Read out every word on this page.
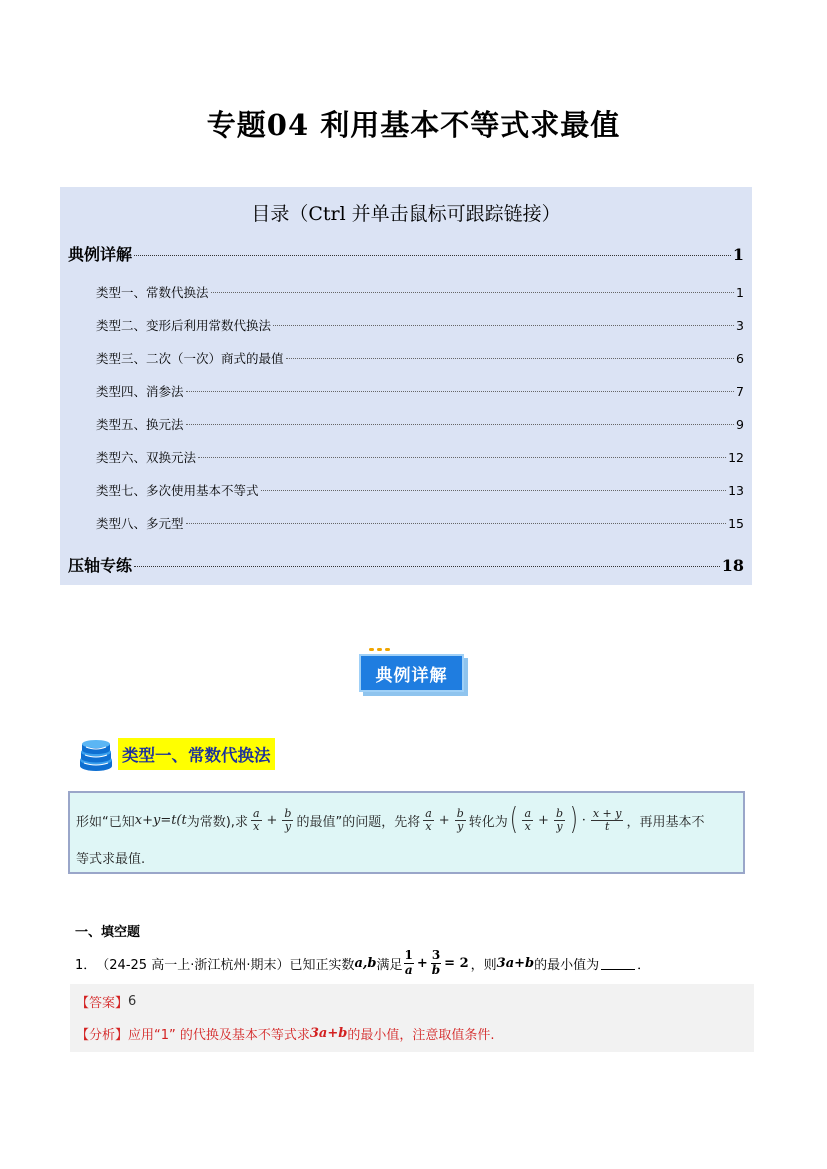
专题04 利用基本不等式求最值
目录（Ctrl 并单击鼠标可跟踪链接）
典例详解	1
类型一、常数代换法	1
类型二、变形后利用常数代换法	3
类型三、二次（一次）商式的最值	6
类型四、消参法	7
类型五、换元法	9
类型六、双换元法	12
类型七、多次使用基本不等式	13
类型八、多元型	15
压轴专练	18
典例详解
类型一、常数代换法
形如“已知 x+y=t(t 为常数),求 $\frac{a}{x} + \frac{b}{y}$ 的最值”的问题，先将 $\frac{a}{x} + \frac{b}{y}$ 转化为 ( $\frac{a}{x} + \frac{b}{y}$ ) · $\frac{x + y}{t}$ ，再用基本不
等式求最值.
一、填空题
1． （24-25 高一上·浙江杭州·期末） 已知正实数 a,b 满足 $\frac{1}{a} + \frac{3}{b} = 2$ ，则 3a+b 的最小值为	．
【答案】 6
【分析】 应用“1” 的代换及基本不等式求 3a+b 的最小值，注意取值条件.
